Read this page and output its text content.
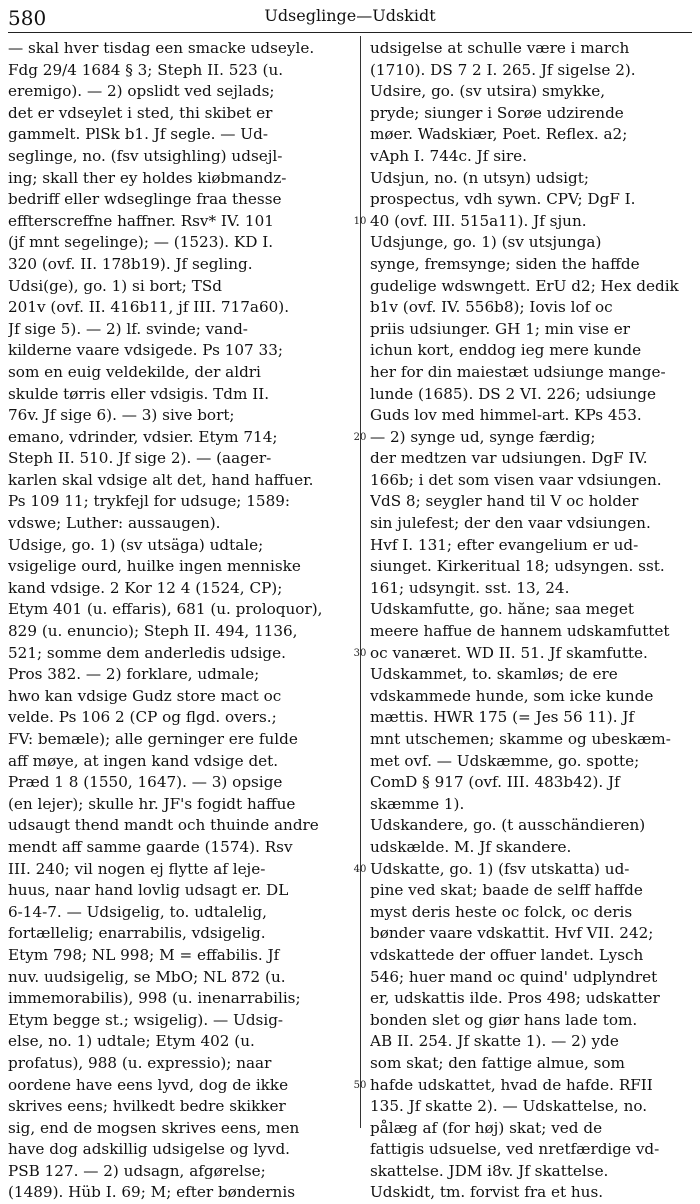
580	Udseglinge—Udskidt
— skal hver tisdag een smacke udseyle.
Fdg 29/4 1684 § 3; Steph II. 523 (u.
eremigo). — 2) opslidt ved sejlads;
det er vdseylet i sted, thi skibet er
gammelt. PlSk b1. Jf segle. — Ud-
seglinge, no. (fsv utsighling) udsejl-
ing; skall ther ey holdes kiøbmandz-
bedriff eller wdseglinge fraa thesse
effterscreffne haffner. Rsv* IV. 101
(jf mnt segelinge); — (1523). KD I.
320 (ovf. II. 178b19). Jf segling.
Udsi(ge), go. 1) si bort; TSd
201v (ovf. II. 416b11, jf III. 717a60).
Jf sige 5). — 2) lf. svinde; vand-
kilderne vaare vdsigede. Ps 107 33;
som en euig veldekilde, der aldri
skulde tørris eller vdsigis. Tdm II.
76v. Jf sige 6). — 3) sive bort;
emano, vdrinder, vdsier. Etym 714;
Steph II. 510. Jf sige 2). — (aager-
karlen skal vdsige alt det, hand haffuer.
Ps 109 11; trykfejl for udsuge; 1589:
vdswe; Luther: aussaugen).
Udsige, go. 1) (sv utsäga) udtale;
vsigelige ourd, huilke ingen menniske
kand vdsige. 2 Kor 12 4 (1524, CP);
Etym 401 (u. effaris), 681 (u. proloquor),
829 (u. enuncio); Steph II. 494, 1136,
521; somme dem anderledis udsige.
Pros 382. — 2) forklare, udmale;
hwo kan vdsige Gudz store mact oc
velde. Ps 106 2 (CP og flgd. overs.;
FV: bemæle); alle gerninger ere fulde
aff møye, at ingen kand vdsige det.
Præd 1 8 (1550, 1647). — 3) opsige
(en lejer); skulle hr. JF's fogidt haffue
udsaugt thend mandt och thuinde andre
mendt aff samme gaarde (1574). Rsv
III. 240; vil nogen ej flytte af leje-
huus, naar hand lovlig udsagt er. DL
6-14-7. — Udsigelig, to. udtalelig,
fortællelig; enarrabilis, vdsigelig.
Etym 798; NL 998; M = effabilis. Jf
nuv. uudsigelig, se MbO; NL 872 (u.
immemorabilis), 998 (u. inenarrabilis;
Etym begge st.; wsigelig). — Udsig-
else, no. 1) udtale; Etym 402 (u.
profatus), 988 (u. expressio); naar
oordene have eens lyvd, dog de ikke
skrives eens; hvilkedt bedre skikker
sig, end de mogsen skrives eens, men
have dog adskillig udsigelse og lyvd.
PSB 127. — 2) udsagn, afgørelse;
(1489). Hüb I. 69; M; efter bøndernis
udsigelse at schulle være i march
(1710). DS 7 2 I. 265. Jf sigelse 2).
Udsire, go. (sv utsira) smykke,
pryde; siunger i Sorøe udzirende
møer. Wadskiær, Poet. Reflex. a2;
vAph I. 744c. Jf sire.
Udsjun, no. (n utsyn) udsigt;
prospectus, vdh sywn. CPV; DgF I.
40 (ovf. III. 515a11). Jf sjun.
Udsjunge, go. 1) (sv utsjunga)
synge, fremsynge; siden the haffde
gudelige wdswngett. ErU d2; Hex dedik
b1v (ovf. IV. 556b8); Iovis lof oc
priis udsiunger. GH 1; min vise er
ichun kort, enddog ieg mere kunde
her for din maiestæt udsiunge mange-
lunde (1685). DS 2 VI. 226; udsiunge
Guds lov med himmel-art. KPs 453.
— 2) synge ud, synge færdig;
der medtzen var udsiungen. DgF IV.
166b; i det som visen vaar vdsiungen.
VdS 8; seygler hand til V oc holder
sin julefest; der den vaar vdsiungen.
Hvf I. 131; efter evangelium er ud-
siunget. Kirkeritual 18; udsyngen. sst.
161; udsyngit. sst. 13, 24.
Udskamfutte, go. hăne; saa meget
meere haffue de hannem udskamfuttet
oc vanæret. WD II. 51. Jf skamfutte.
Udskammet, to. skamløs; de ere
vdskammede hunde, som icke kunde
mættis. HWR 175 (= Jes 56 11). Jf
mnt utschemen; skamme og ubeskæm-
met ovf. — Udskæmme, go. spotte;
ComD § 917 (ovf. III. 483b42). Jf
skæmme 1).
Udskandere, go. (t ausschändieren)
udskælde. M. Jf skandere.
Udskatte, go. 1) (fsv utskatta) ud-
pine ved skat; baade de selff haffde
myst deris heste oc folck, oc deris
bønder vaare vdskattit. Hvf VII. 242;
vdskattede der offuer landet. Lysch
546; huer mand oc quind' udplyndret
er, udskattis ilde. Pros 498; udskatter
bonden slet og giør hans lade tom.
AB II. 254. Jf skatte 1). — 2) yde
som skat; den fattige almue, som
hafde udskattet, hvad de hafde. RFII
135. Jf skatte 2). — Udskattelse, no.
pålæg af (for høj) skat; ved de
fattigis udsuelse, ved nretfærdige vd-
skattelse. JDM i8v. Jf skattelse.
Udskidt, tm. forvist fra et hus.
10
20
30
40
50
